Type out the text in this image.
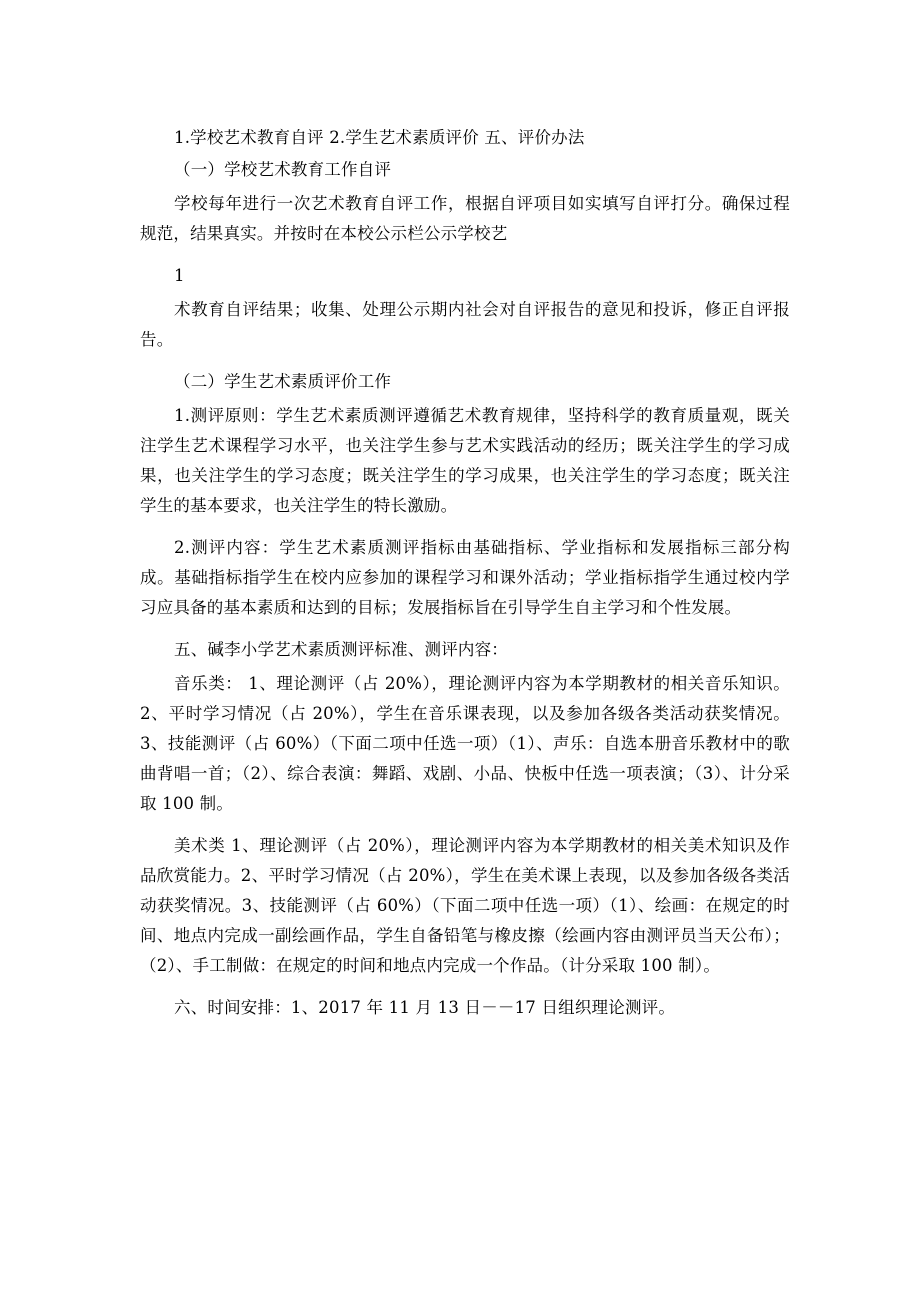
1.学校艺术教育自评 2.学生艺术素质评价 五、评价办法

（一）学校艺术教育工作自评

学校每年进行一次艺术教育自评工作，根据自评项目如实填写自评打分。确保过程规范，结果真实。并按时在本校公示栏公示学校艺

1

术教育自评结果；收集、处理公示期内社会对自评报告的意见和投诉，修正自评报告。

（二）学生艺术素质评价工作

1.测评原则：学生艺术素质测评遵循艺术教育规律，坚持科学的教育质量观，既关注学生艺术课程学习水平，也关注学生参与艺术实践活动的经历；既关注学生的学习成果，也关注学生的学习态度；既关注学生的学习成果，也关注学生的学习态度；既关注学生的基本要求，也关注学生的特长激励。

2.测评内容：学生艺术素质测评指标由基础指标、学业指标和发展指标三部分构成。基础指标指学生在校内应参加的课程学习和课外活动；学业指标指学生通过校内学习应具备的基本素质和达到的目标；发展指标旨在引导学生自主学习和个性发展。

五、碱李小学艺术素质测评标准、测评内容：

音乐类： 1、理论测评（占 20%），理论测评内容为本学期教材的相关音乐知识。2、平时学习情况（占 20%），学生在音乐课表现，以及参加各级各类活动获奖情况。3、技能测评（占 60%）（下面二项中任选一项）（1）、声乐：自选本册音乐教材中的歌曲背唱一首；（2）、综合表演：舞蹈、戏剧、小品、快板中任选一项表演；（3）、计分采取 100 制。

美术类 1、理论测评（占 20%），理论测评内容为本学期教材的相关美术知识及作品欣赏能力。2、平时学习情况（占 20%），学生在美术课上表现，以及参加各级各类活动获奖情况。3、技能测评（占 60%）（下面二项中任选一项）（1）、绘画：在规定的时间、地点内完成一副绘画作品，学生自备铅笔与橡皮擦（绘画内容由测评员当天公布）；（2）、手工制做：在规定的时间和地点内完成一个作品。（计分采取 100 制）。

六、时间安排：1、2017 年 11 月 13 日－－17 日组织理论测评。
